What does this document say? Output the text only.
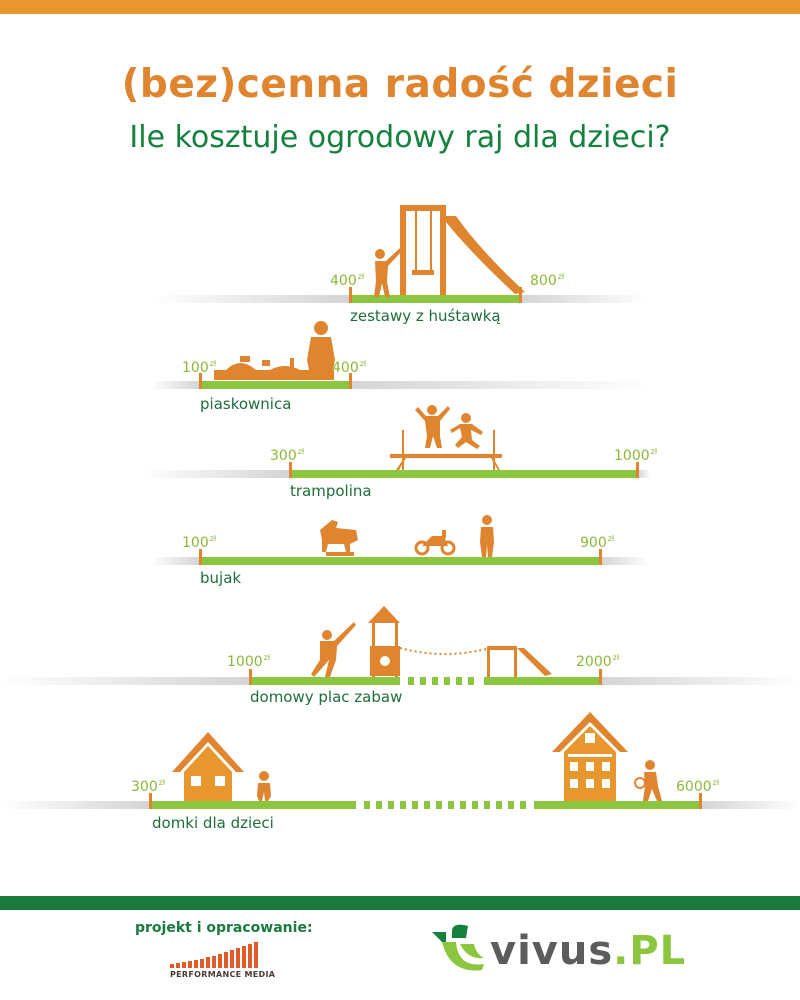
(bez)cenna radość dzieci
Ile kosztuje ogrodowy raj dla dzieci?
$400^{zł}$	$800^{zł}$
zestawy z huśtawką
$100^{zł}$	$400^{zł}$
piaskownica
$300^{zł}$	$1000^{zł}$
trampolina
$100^{zł}$	$900^{zł}$
bujak
$1000^{zł}$	$2000^{zł}$
domowy plac zabaw
$300^{zł}$	$6000^{zł}$
domki dla dzieci
projekt i opracowanie:
PERFORMANCE MEDIA
vivus.PL
